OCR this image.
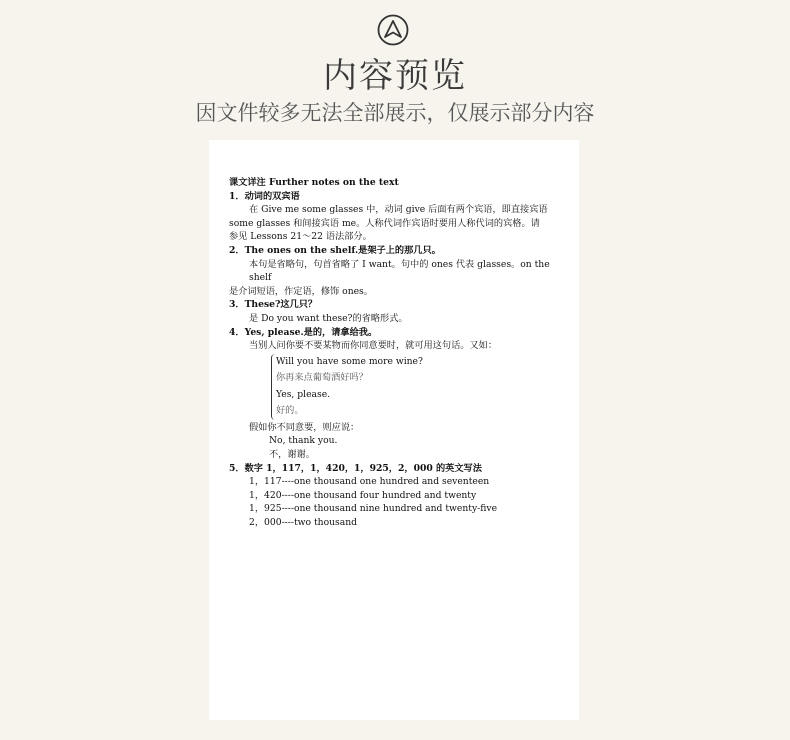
内容预览
因文件较多无法全部展示，仅展示部分内容

课文详注 Further notes on the text

1．动词的双宾语

在 Give me some glasses 中，动词 give 后面有两个宾语，即直接宾语

some glasses 和间接宾语 me。人称代词作宾语时要用人称代词的宾格。请

参见 Lessons 21～22 语法部分。

2．The ones on the shelf.是架子上的那几只。

本句是省略句，句首省略了 I want。句中的 ones 代表 glasses。on the shelf

是介词短语，作定语，修饰 ones。

3．These?这几只？

是 Do you want these?的省略形式。

4．Yes, please.是的，请拿给我。

当别人问你要不要某物而你同意要时，就可用这句话。又如：

Will you have some more wine?

你再来点葡萄酒好吗？

Yes, please.

好的。

假如你不同意要，则应说：

No, thank you.

不，谢谢。

5．数字 1，117，1，420，1，925，2，000 的英文写法

1，117----one thousand one hundred and seventeen

1，420----one thousand four hundred and twenty

1，925----one thousand nine hundred and twenty-five

2，000----two thousand
